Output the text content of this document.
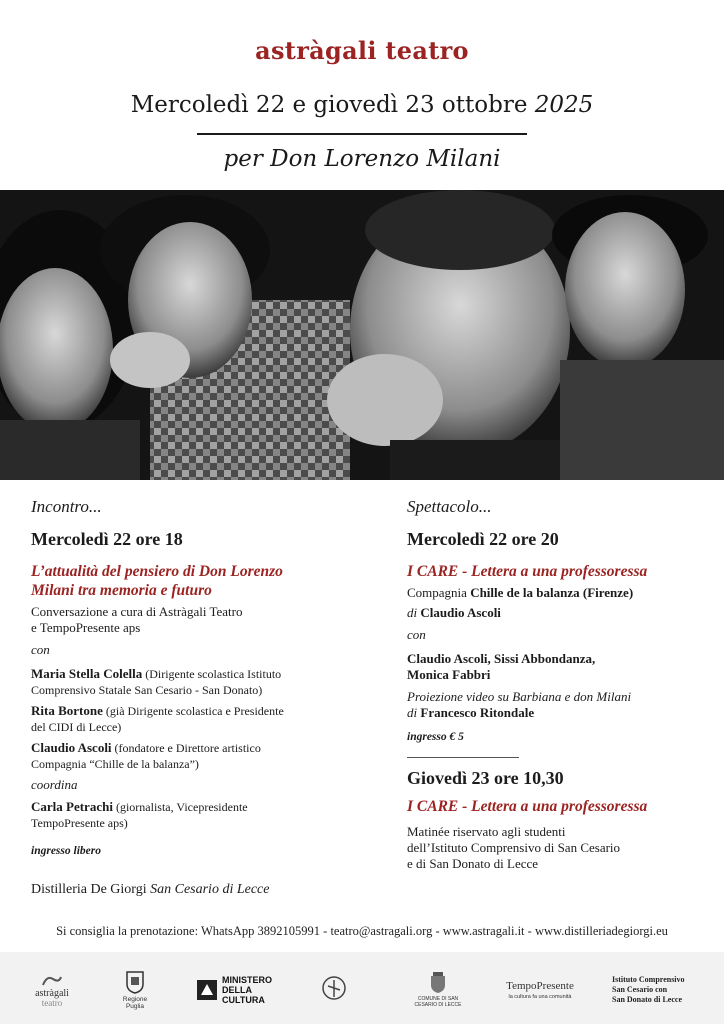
astràgali teatro
Mercoledì 22 e giovedì 23 ottobre 2025
per Don Lorenzo Milani
Incontro...
Mercoledì 22 ore 18
L’attualità del pensiero di Don Lorenzo
Milani tra memoria e futuro
Conversazione a cura di Astràgali Teatro
e TempoPresente aps
con
Maria Stella Colella (Dirigente scolastica Istituto
Comprensivo Statale San Cesario - San Donato)
Rita Bortone (già Dirigente scolastica e Presidente
del CIDI di Lecce)
Claudio Ascoli (fondatore e Direttore artistico
Compagnia “Chille de la balanza”)
coordina
Carla Petrachi (giornalista, Vicepresidente
TempoPresente aps)
ingresso libero
Spettacolo...
Mercoledì 22 ore 20
I CARE - Lettera a una professoressa
Compagnia Chille de la balanza (Firenze)
di Claudio Ascoli
con
Claudio Ascoli, Sissi Abbondanza,
Monica Fabbri
Proiezione video su Barbiana e don Milani
di Francesco Ritondale
ingresso € 5
Giovedì 23 ore 10,30
I CARE - Lettera a una professoressa
Matinée riservato agli studenti
dell’Istituto Comprensivo di San Cesario
e di San Donato di Lecce
Distilleria De Giorgi San Cesario di Lecce
Si consiglia la prenotazione: WhatsApp 3892105991 - teatro@astragali.org - www.astragali.it - www.distilleriadegiorgi.eu
astràgali
teatro	Regione Puglia
MINISTERO
DELLA
CULTURA	COMUNE DI SAN CESARIO DI LECCE
TempoPresente
la cultura fa una comunità
Istituto Comprensivo
San Cesario con
San Donato di Lecce
